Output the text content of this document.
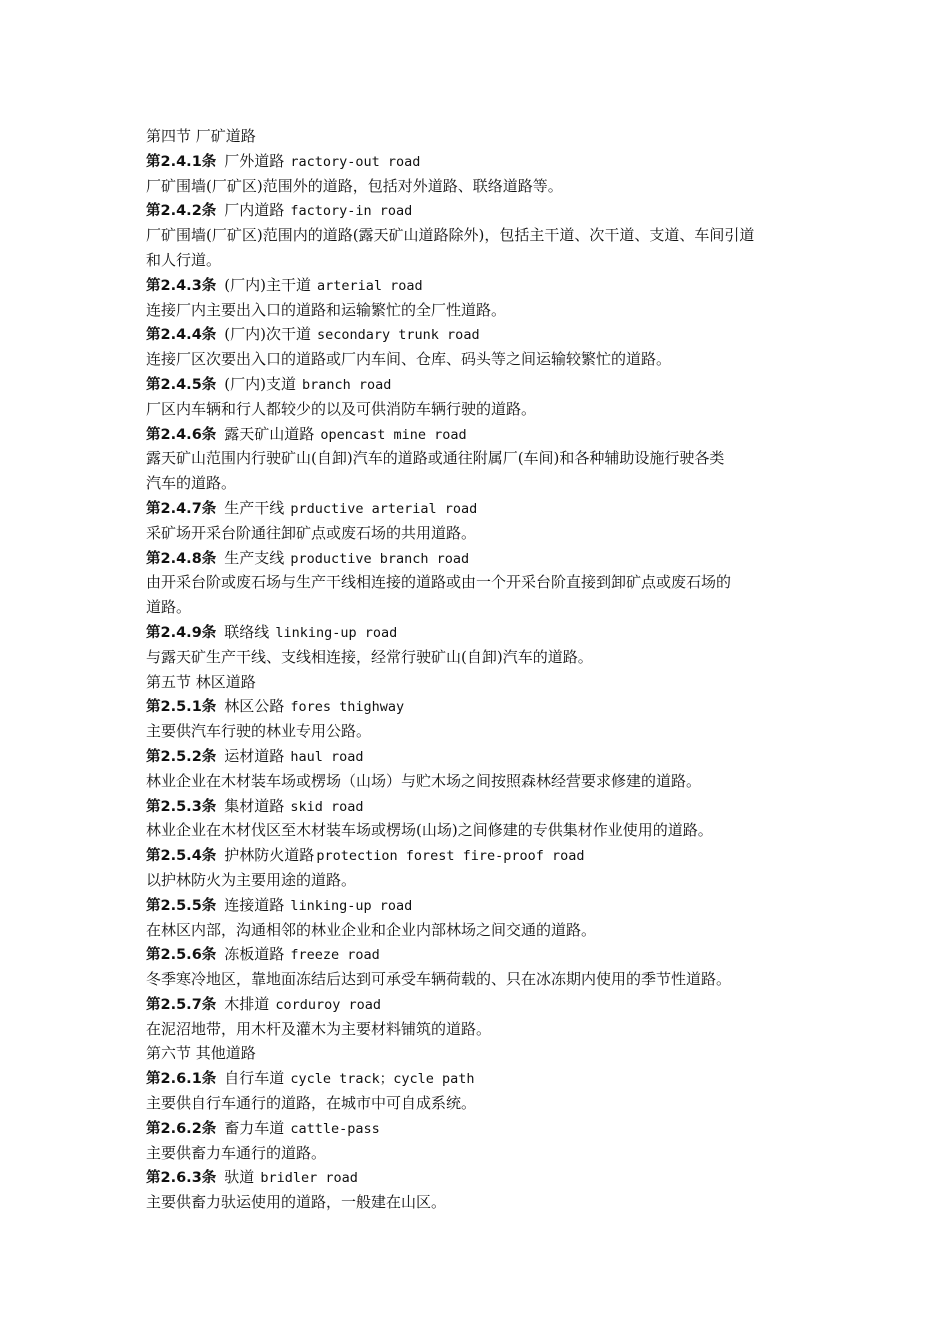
第四节 厂矿道路
第2.4.1条 厂外道路 ractory-out road
厂矿围墙(厂矿区)范围外的道路，包括对外道路、联络道路等。
第2.4.2条 厂内道路 factory-in road
厂矿围墙(厂矿区)范围内的道路(露天矿山道路除外)，包括主干道、次干道、支道、车间引道
和人行道。
第2.4.3条 (厂内)主干道 arterial road
连接厂内主要出入口的道路和运输繁忙的全厂性道路。
第2.4.4条 (厂内)次干道 secondary trunk road
连接厂区次要出入口的道路或厂内车间、仓库、码头等之间运输较繁忙的道路。
第2.4.5条 (厂内)支道 branch road
厂区内车辆和行人都较少的以及可供消防车辆行驶的道路。
第2.4.6条 露天矿山道路 opencast mine road
露天矿山范围内行驶矿山(自卸)汽车的道路或通往附属厂(车间)和各种辅助设施行驶各类
汽车的道路。
第2.4.7条 生产干线 prductive arterial road
采矿场开采台阶通往卸矿点或废石场的共用道路。
第2.4.8条 生产支线 productive branch road
由开采台阶或废石场与生产干线相连接的道路或由一个开采台阶直接到卸矿点或废石场的
道路。
第2.4.9条 联络线 linking-up road
与露天矿生产干线、支线相连接，经常行驶矿山(自卸)汽车的道路。
第五节 林区道路
第2.5.1条 林区公路 fores thighway
主要供汽车行驶的林业专用公路。
第2.5.2条 运材道路 haul road
林业企业在木材装车场或楞场（山场）与贮木场之间按照森林经营要求修建的道路。
第2.5.3条 集材道路 skid road
林业企业在木材伐区至木材装车场或楞场(山场)之间修建的专供集材作业使用的道路。
第2.5.4条 护林防火道路 protection forest fire-proof road
以护林防火为主要用途的道路。
第2.5.5条 连接道路 linking-up road
在林区内部，沟通相邻的林业企业和企业内部林场之间交通的道路。
第2.5.6条 冻板道路 freeze road
冬季寒冷地区，靠地面冻结后达到可承受车辆荷载的、只在冰冻期内使用的季节性道路。
第2.5.7条 木排道 corduroy road
在泥沼地带，用木杆及灌木为主要材料铺筑的道路。
第六节 其他道路
第2.6.1条 自行车道 cycle track；cycle path
主要供自行车通行的道路，在城市中可自成系统。
第2.6.2条 畜力车道 cattle-pass
主要供畜力车通行的道路。
第2.6.3条 驮道 bridler road
主要供畜力驮运使用的道路，一般建在山区。
